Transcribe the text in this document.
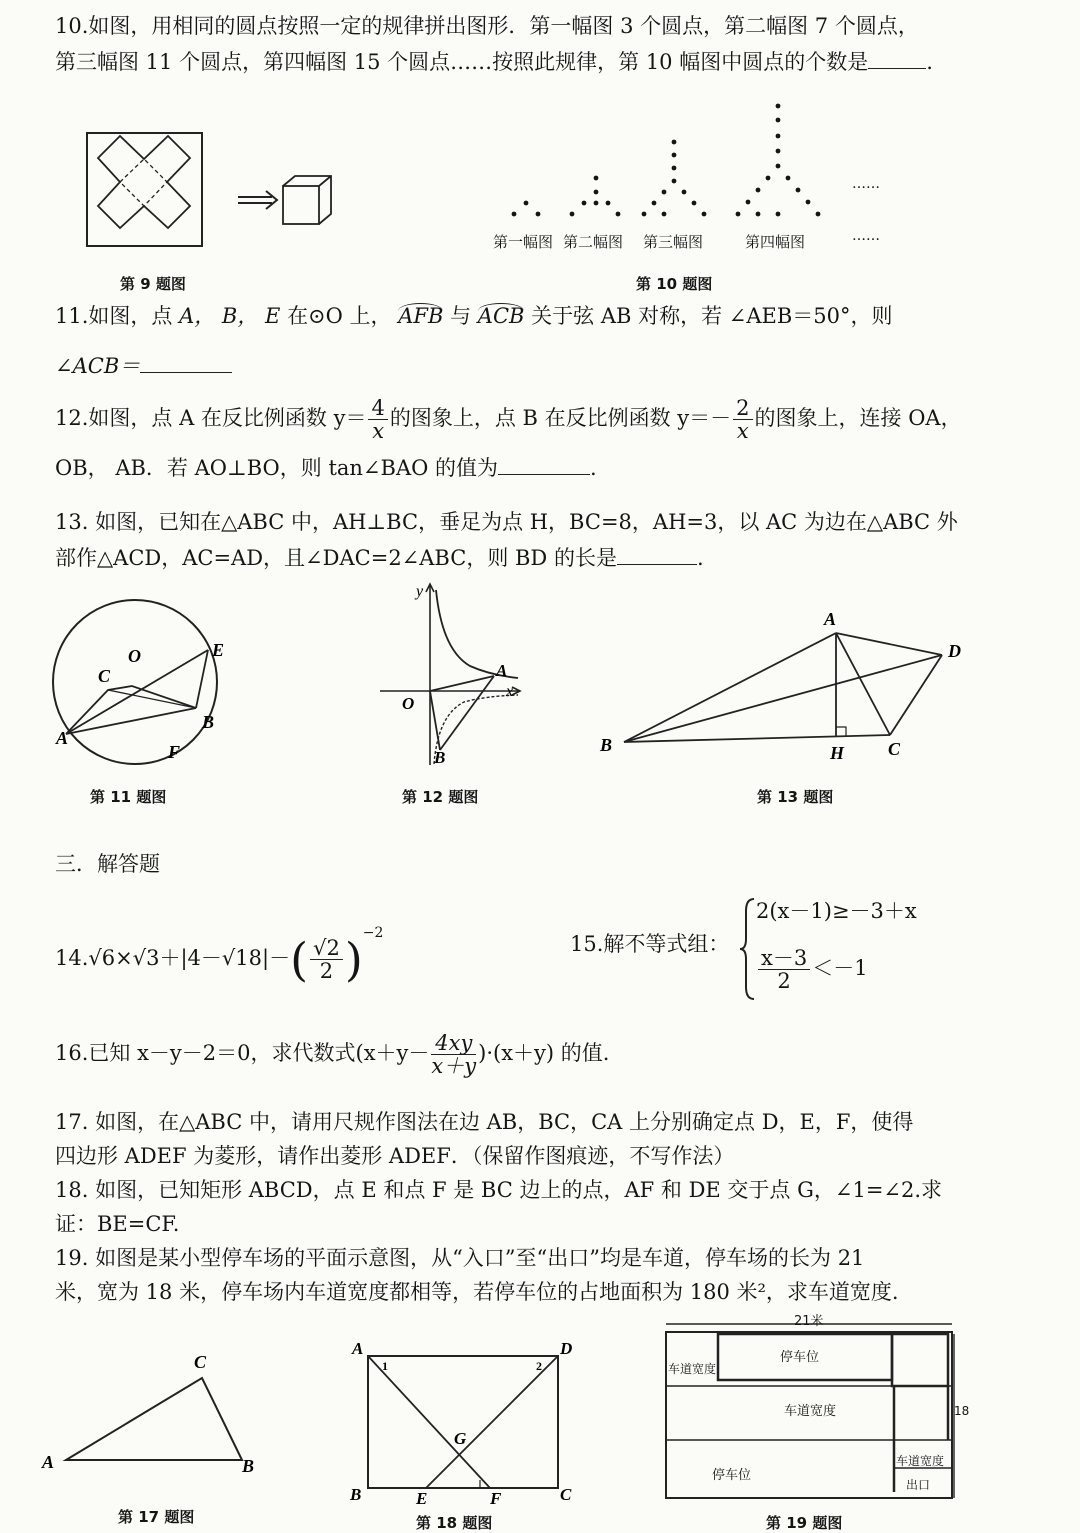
10.如图，用相同的圆点按照一定的规律拼出图形．第一幅图 3 个圆点，第二幅图 7 个圆点，
第三幅图 11 个圆点，第四幅图 15 个圆点……按照此规律，第 10 幅图中圆点的个数是	.
第 9 题图
……
……
第一幅图 第二幅图 第三幅图	第四幅图
第 10 题图
11.如图，点 A， B， E 在⊙O 上， AFB 与 ACB 关于弦 AB 对称，若 ∠AEB＝50°，则
∠ACB＝
12.如图，点 A 在反比例函数 $y= \frac{4}{x}$ 的图象上，点 B 在反比例函数 $y=- \frac{2}{x}$ 的图象上，连接 OA，
OB， AB．若 AO⊥BO，则 tan∠BAO 的值为	.
13. 如图，已知在△ABC 中，AH⊥BC，垂足为点 H，BC=8，AH=3，以 AC 为边在△ABC 外
部作△ACD，AC=AD，且∠DAC=2∠ABC，则 BD 的长是	.
O	E
C
B
A
F
第 11 题图
y
x
O
A
B
第 12 题图
A
D
B	H C
第 13 题图
三．解答题
$14.√6\times√3+|4-√18|-( \frac{√2}{2} )^{-2}$	15.解不等式组：
2(x－1)≥－3＋x
$\frac{x-3}{2} <-1$
16.已知 x－y－2＝0，求代数式$(x+y- \frac{4xy}{x+y} )\cdot(x+y)$ 的值.
17. 如图，在△ABC 中，请用尺规作图法在边 AB，BC，CA 上分别确定点 D，E，F，使得
四边形 ADEF 为菱形，请作出菱形 ADEF．（保留作图痕迹，不写作法）
18. 如图，已知矩形 ABCD，点 E 和点 F 是 BC 边上的点，AF 和 DE 交于点 G，∠1=∠2.求
证：BE=CF.
19. 如图是某小型停车场的平面示意图，从“入口”至“出口”均是车道，停车场的长为 21
米，宽为 18 米，停车场内车道宽度都相等，若停车位的占地面积为 180 米²，求车道宽度.
C
A	B
第 17 题图
A	D
1	2
G
B	E	F	C
第 18 题图
21米
18
车道宽度
停车位
车道宽度
停车位
车道宽度
出口
第 19 题图
